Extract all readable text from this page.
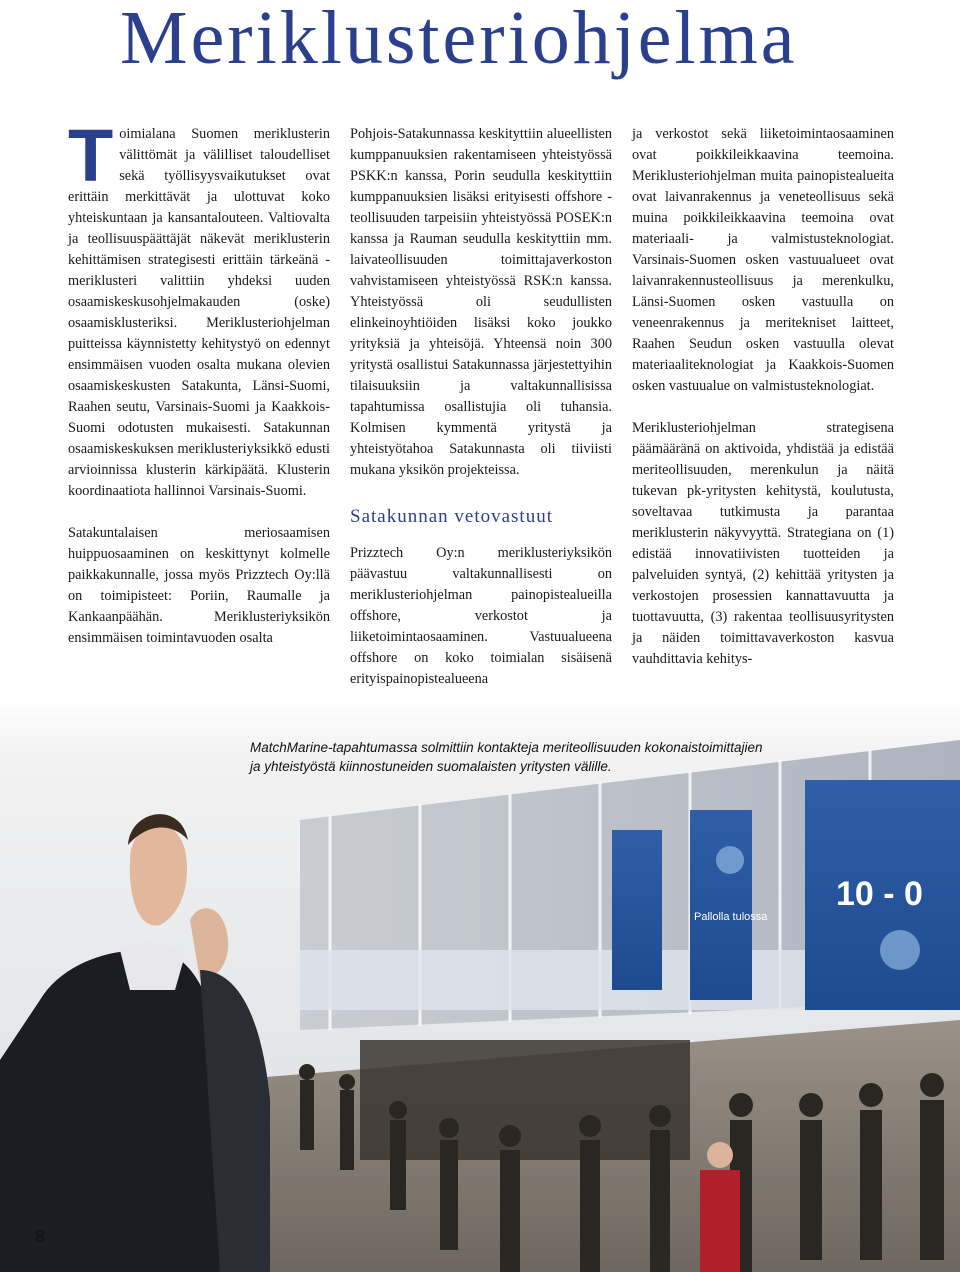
Meriklusteriohjelma

Toimialana Suomen meriklusterin välittömät ja välilliset taloudelliset sekä työllisyysvaikutukset ovat erittäin merkittävät ja ulottuvat koko yhteiskuntaan ja kansantalouteen. Valtiovalta ja teollisuuspäättäjät näkevät meriklusterin kehittämisen strategisesti erittäin tärkeänä - meriklusteri valittiin yhdeksi uuden osaamiskeskusohjelmakauden (oske) osaamisklusteriksi. Meriklusteriohjelman puitteissa käynnistetty kehitystyö on edennyt ensimmäisen vuoden osalta mukana olevien osaamiskeskusten Satakunta, Länsi-Suomi, Raahen seutu, Varsinais-Suomi ja Kaakkois-Suomi odotusten mukaisesti. Satakunnan osaamiskeskuksen meriklusteriyksikkö edusti arvioinnissa klusterin kärkipäätä. Klusterin koordinaatiota hallinnoi Varsinais-Suomi.

Satakuntalaisen meriosaamisen huippuosaaminen on keskittynyt kolmelle paikkakunnalle, jossa myös Prizztech Oy:llä on toimipisteet: Poriin, Raumalle ja Kankaanpäähän. Meriklusteriyksikön ensimmäisen toimintavuoden osalta

Pohjois-Satakunnassa keskityttiin alueellisten kumppanuuksien rakentamiseen yhteistyössä PSKK:n kanssa, Porin seudulla keskityttiin kumppanuuksien lisäksi erityisesti offshore -teollisuuden tarpeisiin yhteistyössä POSEK:n kanssa ja Rauman seudulla keskityttiin mm. laivateollisuuden toimittajaverkoston vahvistamiseen yhteistyössä RSK:n kanssa. Yhteistyössä oli seudullisten elinkeinoyhtiöiden lisäksi koko joukko yrityksiä ja yhteisöjä. Yhteensä noin 300 yritystä osallistui Satakunnassa järjestettyihin tilaisuuksiin ja valtakunnallisissa tapahtumissa osallistujia oli tuhansia. Kolmisen kymmentä yritystä ja yhteistyötahoa Satakunnasta oli tiiviisti mukana yksikön projekteissa.

Satakunnan vetovastuut

Prizztech Oy:n meriklusteriyksikön päävastuu valtakunnallisesti on meriklusteriohjelman painopistealueilla offshore, verkostot ja liiketoimintaosaaminen. Vastuualueena offshore on koko toimialan sisäisenä erityispainopistealueena

ja verkostot sekä liiketoimintaosaaminen ovat poikkileikkaavina teemoina. Meriklusteriohjelman muita painopistealueita ovat laivanrakennus ja veneteollisuus sekä muina poikkileikkaavina teemoina ovat materiaali- ja valmistusteknologiat. Varsinais-Suomen osken vastuualueet ovat laivanrakennusteollisuus ja merenkulku, Länsi-Suomen osken vastuulla on veneenrakennus ja meritekniset laitteet, Raahen Seudun osken vastuulla olevat materiaaliteknologiat ja Kaakkois-Suomen osken vastuualue on valmistusteknologiat.

Meriklusteriohjelman strategisena päämääränä on aktivoida, yhdistää ja edistää meriteollisuuden, merenkulun ja näitä tukevan pk-yritysten kehitystä, koulutusta, soveltavaa tutkimusta ja parantaa meriklusterin näkyvyyttä. Strategiana on (1) edistää innovatiivisten tuotteiden ja palveluiden syntyä, (2) kehittää yritysten ja verkostojen prosessien kannattavuutta ja tuottavuutta, (3) rakentaa teollisuusyritysten ja näiden toimittavaverkoston kasvua vauhdittavia kehitys-

10 - 0
Pallolla tulossa
MatchMarine-tapahtumassa solmittiin kontakteja meriteollisuuden kokonaistoimittajien
ja yhteistyöstä kiinnostuneiden suomalaisten yritysten välille.
8
